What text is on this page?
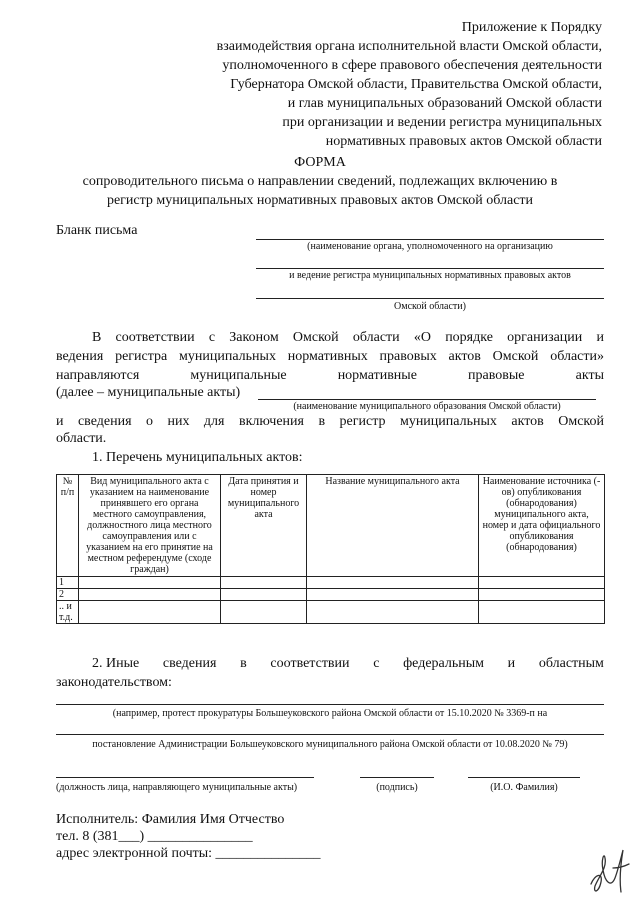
Приложение к Порядку
взаимодействия органа исполнительной власти Омской области,
уполномоченного в сфере правового обеспечения деятельности
Губернатора Омской области, Правительства Омской области,
и глав муниципальных образований Омской области
при организации и ведении регистра муниципальных
нормативных правовых актов Омской области
ФОРМА
сопроводительного письма о направлении сведений, подлежащих включению в
регистр муниципальных нормативных правовых актов Омской области
Бланк письма
(наименование органа, уполномоченного на организацию
и ведение регистра муниципальных нормативных правовых актов
Омской области)
В соответствии с Законом Омской области «О порядке организации и
ведения регистра муниципальных нормативных правовых актов Омской области»
направляются	муниципальные	нормативные	правовые	акты
(далее – муниципальные акты)
(наименование муниципального образования Омской области)
и сведения о них для включения в регистр муниципальных актов Омской
области.
1. Перечень муниципальных актов:
№ п/п	Вид муниципального акта с указанием на наименование принявшего его органа местного самоуправления, должностного лица местного самоуправления или с указанием на его принятие на местном референдуме (сходе граждан)	Дата принятия и номер муниципального акта	Название муниципального акта	Наименование источника (-ов) опубликования (обнародования) муниципального акта, номер и дата официального опубликования (обнародования)
1				
2				
.. и т.д.				
2. Иные сведения в соответствии с федеральным и областным
законодательством:
(например, протест прокуратуры Большеуковского района Омской области от 15.10.2020 № 3369-п на
постановление Администрации Большеуковского муниципального района Омской области от 10.08.2020 № 79)
(должность лица, направляющего муниципальные акты)	(подпись)	(И.О. Фамилия)
Исполнитель: Фамилия Имя Отчество
тел. 8 (381___) _______________
адрес электронной почты: _______________
